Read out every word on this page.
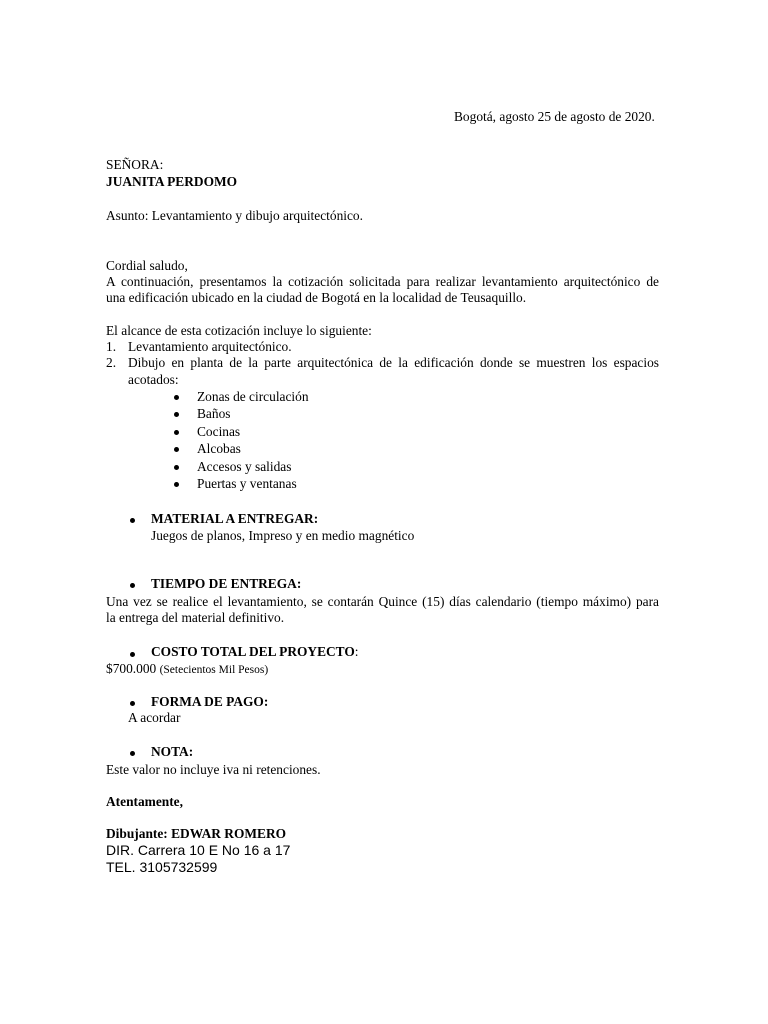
Bogotá, agosto 25 de agosto de 2020.
SEÑORA:
JUANITA PERDOMO
Asunto: Levantamiento y dibujo arquitectónico.
Cordial saludo,
A continuación, presentamos la cotización solicitada para realizar levantamiento arquitectónico de
una edificación ubicado en la ciudad de Bogotá en la localidad de Teusaquillo.
El alcance de esta cotización incluye lo siguiente:
1. Levantamiento arquitectónico.
2. Dibujo en planta de la parte arquitectónica de la edificación donde se muestren los espacios
acotados:
Zonas de circulación
Baños
Cocinas
Alcobas
Accesos y salidas
Puertas y ventanas
MATERIAL A ENTREGAR:
Juegos de planos, Impreso y en medio magnético
TIEMPO DE ENTREGA:
Una vez se realice el levantamiento, se contarán Quince (15) días calendario (tiempo máximo) para
la entrega del material definitivo.
COSTO TOTAL DEL PROYECTO:
$700.000 (Setecientos Mil Pesos)
FORMA DE PAGO:
A acordar
NOTA:
Este valor no incluye iva ni retenciones.
Atentamente,
Dibujante: EDWAR ROMERO
DIR. Carrera 10 E No 16 a 17
TEL. 3105732599
